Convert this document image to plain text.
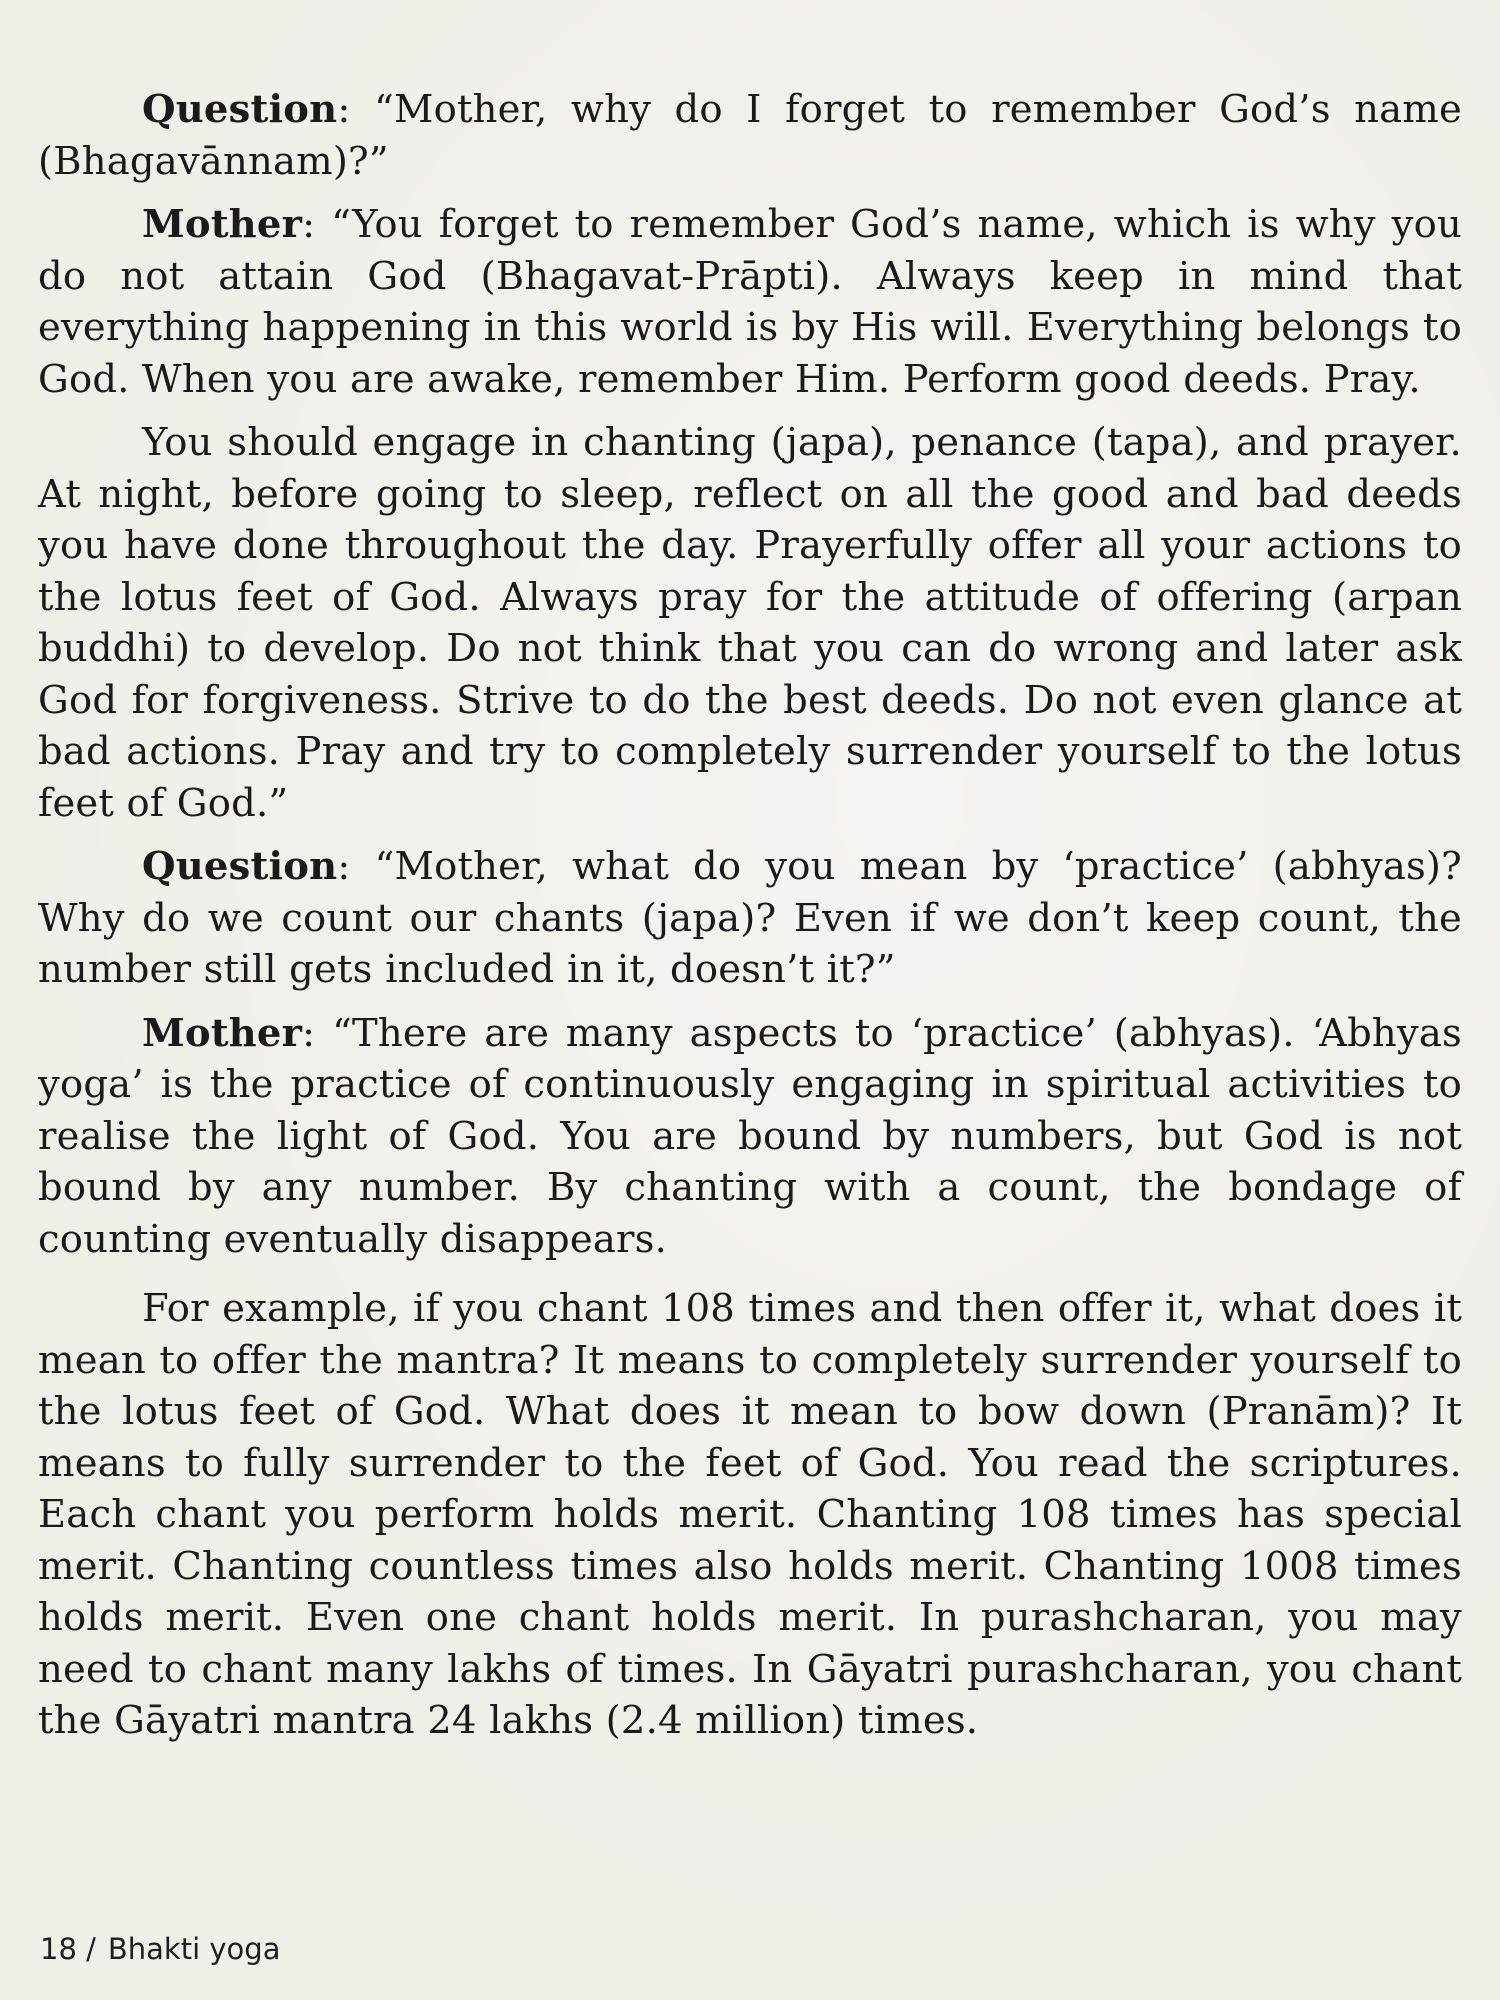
Question: “Mother, why do I forget to remember God’s name (Bhagavānnam)?”

Mother: “You forget to remember God’s name, which is why you do not attain God (Bhagavat-Prāpti). Always keep in mind that everything happening in this world is by His will. Everything belongs to God. When you are awake, remember Him. Perform good deeds. Pray.

You should engage in chanting (japa), penance (tapa), and prayer. At night, before going to sleep, reflect on all the good and bad deeds you have done throughout the day. Prayerfully offer all your actions to the lotus feet of God. Always pray for the attitude of offering (arpan buddhi) to develop. Do not think that you can do wrong and later ask God for forgiveness. Strive to do the best deeds. Do not even glance at bad actions. Pray and try to completely surrender yourself to the lotus feet of God.”

Question: “Mother, what do you mean by ‘practice’ (abhyas)? Why do we count our chants (japa)? Even if we don’t keep count, the number still gets included in it, doesn’t it?”

Mother: “There are many aspects to ‘practice’ (abhyas). ‘Abhyas yoga’ is the practice of continuously engaging in spiritual activities to realise the light of God. You are bound by numbers, but God is not bound by any number. By chanting with a count, the bondage of counting eventually disappears.

For example, if you chant 108 times and then offer it, what does it mean to offer the mantra? It means to completely surrender yourself to the lotus feet of God. What does it mean to bow down (Pranām)? It means to fully surrender to the feet of God. You read the scriptures. Each chant you perform holds merit. Chanting 108 times has special merit. Chanting countless times also holds merit. Chanting 1008 times holds merit. Even one chant holds merit. In purashcharan, you may need to chant many lakhs of times. In Gāyatri purashcharan, you chant the Gāyatri mantra 24 lakhs (2.4 million) times.

18 / Bhakti yoga
